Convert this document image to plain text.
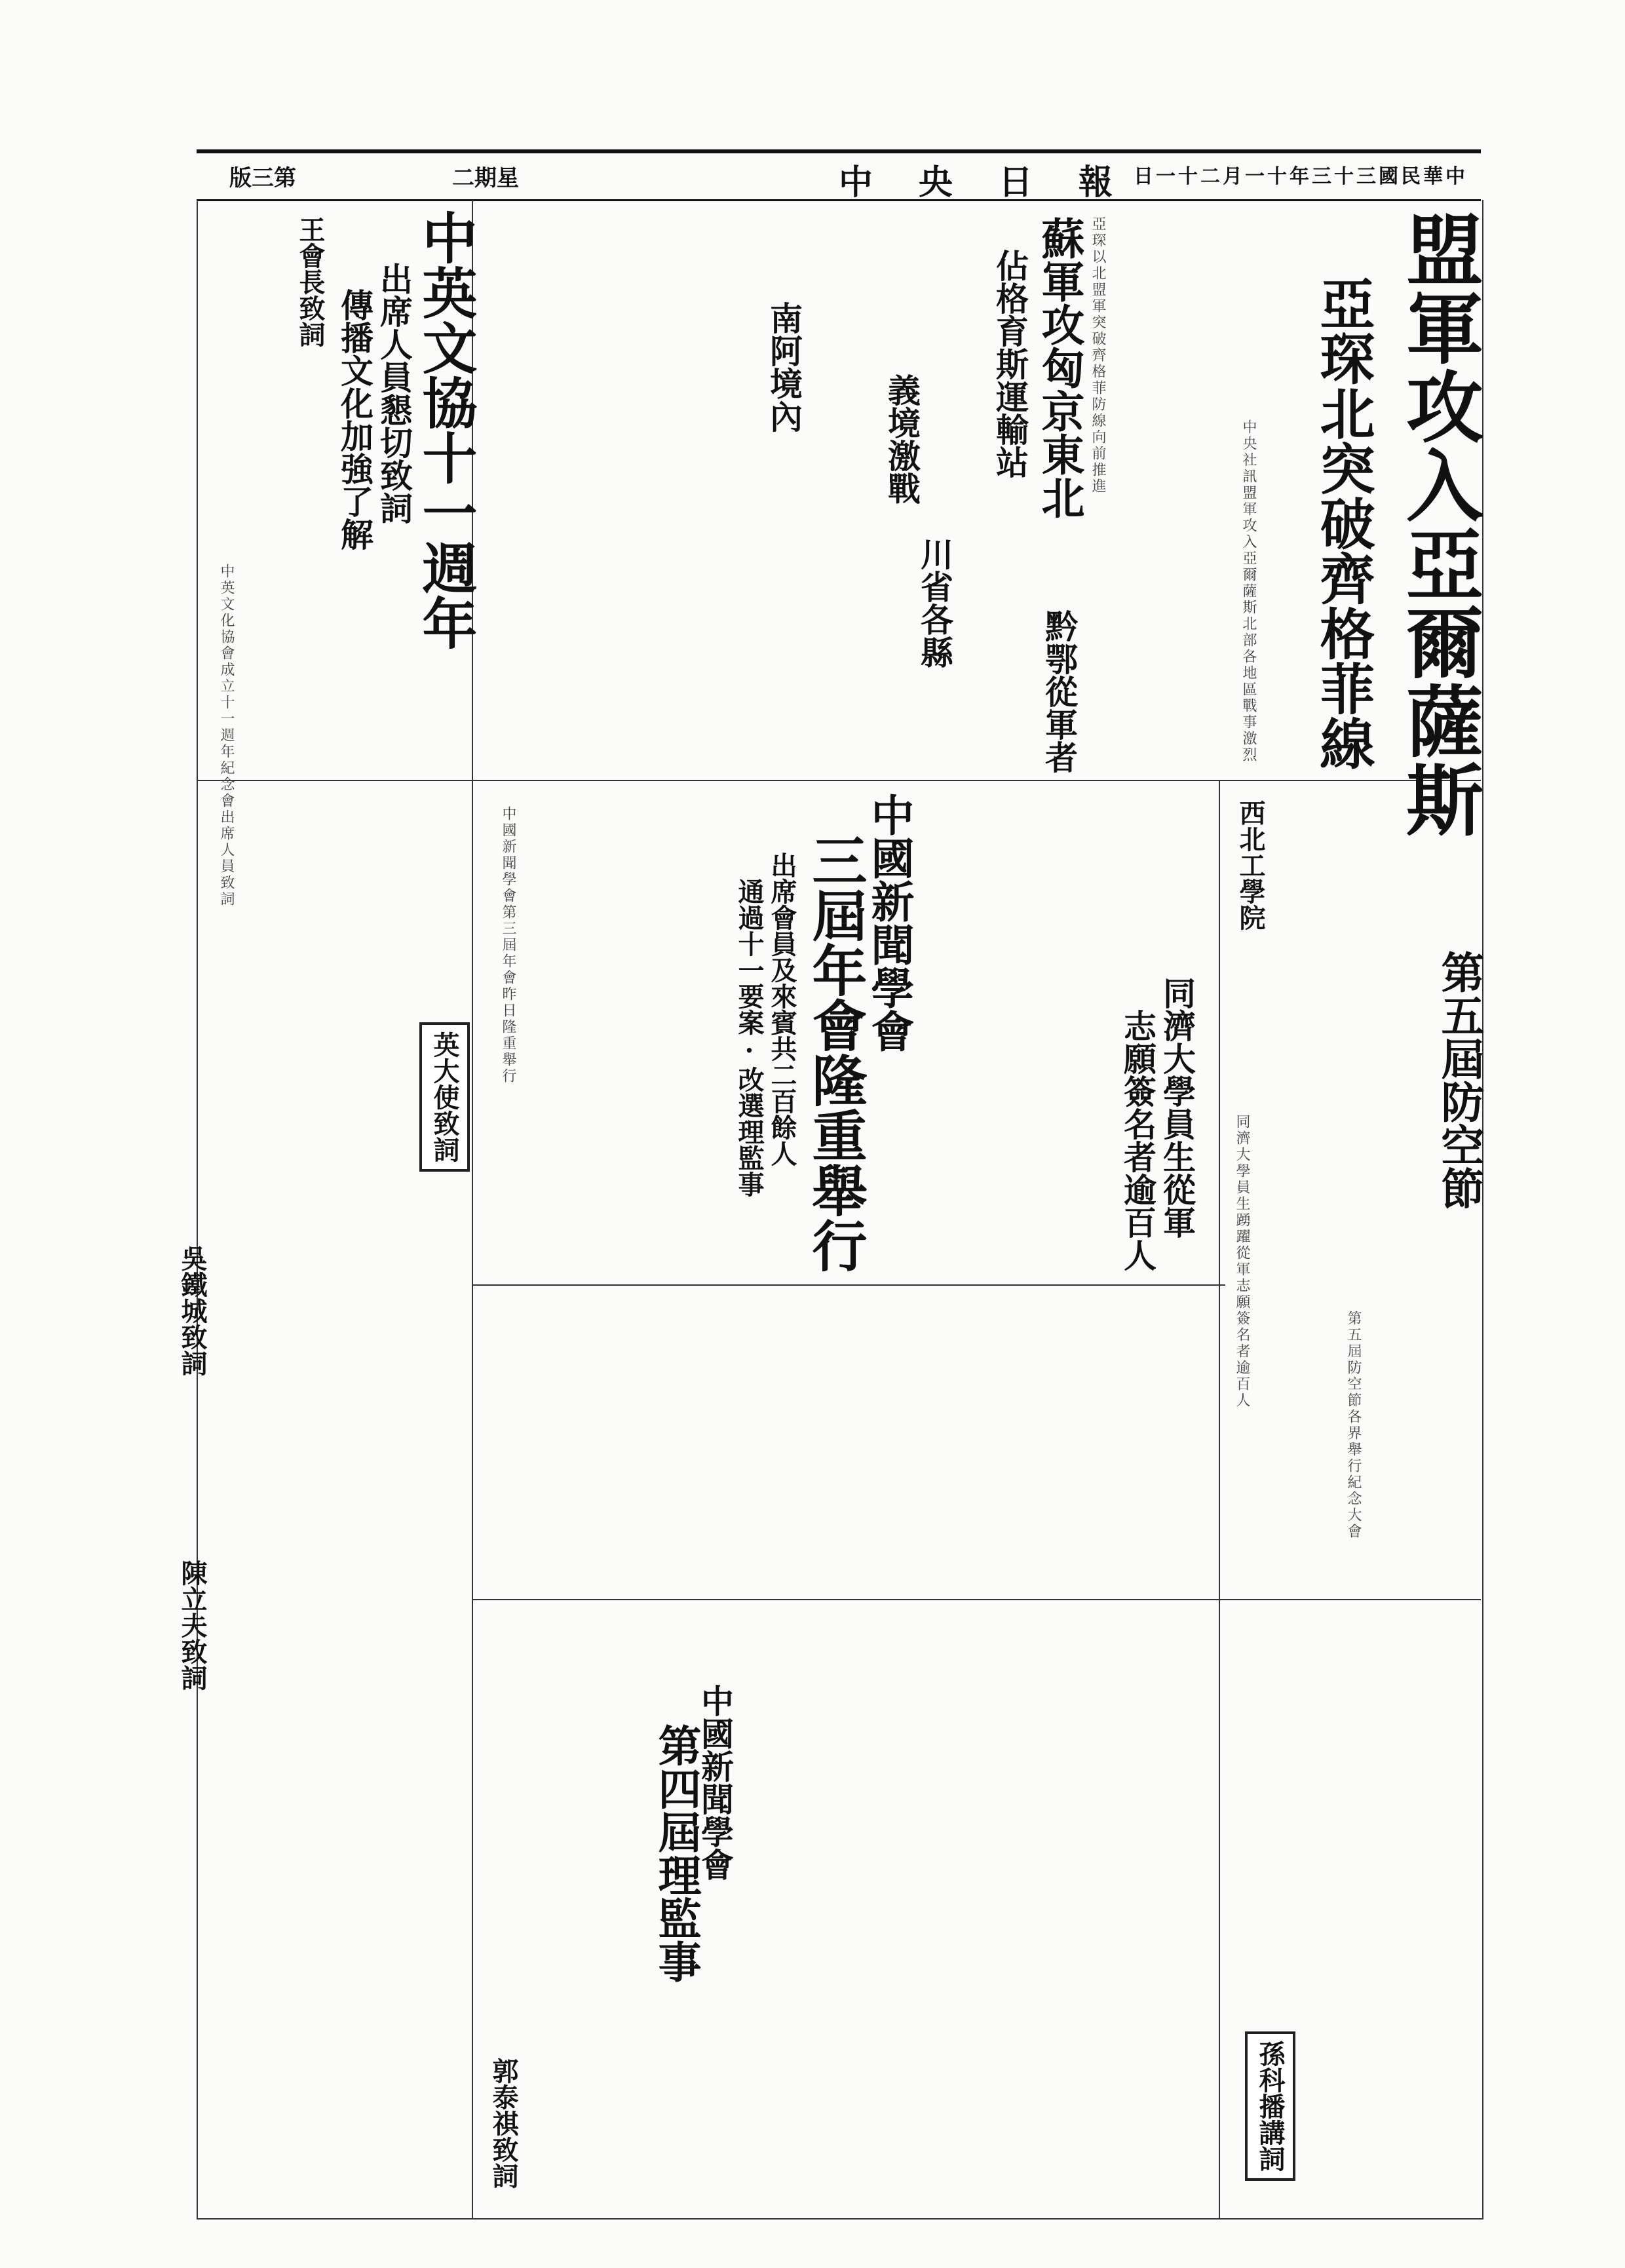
版三第	二期星	中央日報
日一十二月一十年三十三國民華中
盟軍攻入亞爾薩斯
亞琛北突破齊格菲線
蘇軍攻匈京東北
佔格育斯運輸站
義境激戰
南阿境內
川省各縣
黔鄂從軍者
中英文協十一週年
出席人員懇切致詞
傳播文化加強了解
王會長致詞
英大使致詞
吳鐵城致詞
陳立夫致詞
郭泰祺致詞	孫科播講詞
中國新聞學會
三屆年會隆重舉行
出席會員及來賓共二百餘人
通過十一要案·改選理監事
中國新聞學會
第四屆理監事
同濟大學員生從軍
志願簽名者逾百人	第五屆防空節
西北工學院
中央社訊盟軍攻入亞爾薩斯北部各地區戰事激烈
亞琛以北盟軍突破齊格菲防線向前推進
中英文化協會成立十一週年紀念會出席人員致詞
中國新聞學會第三屆年會昨日隆重舉行
同濟大學員生踴躍從軍志願簽名者逾百人
第五屆防空節各界舉行紀念大會
